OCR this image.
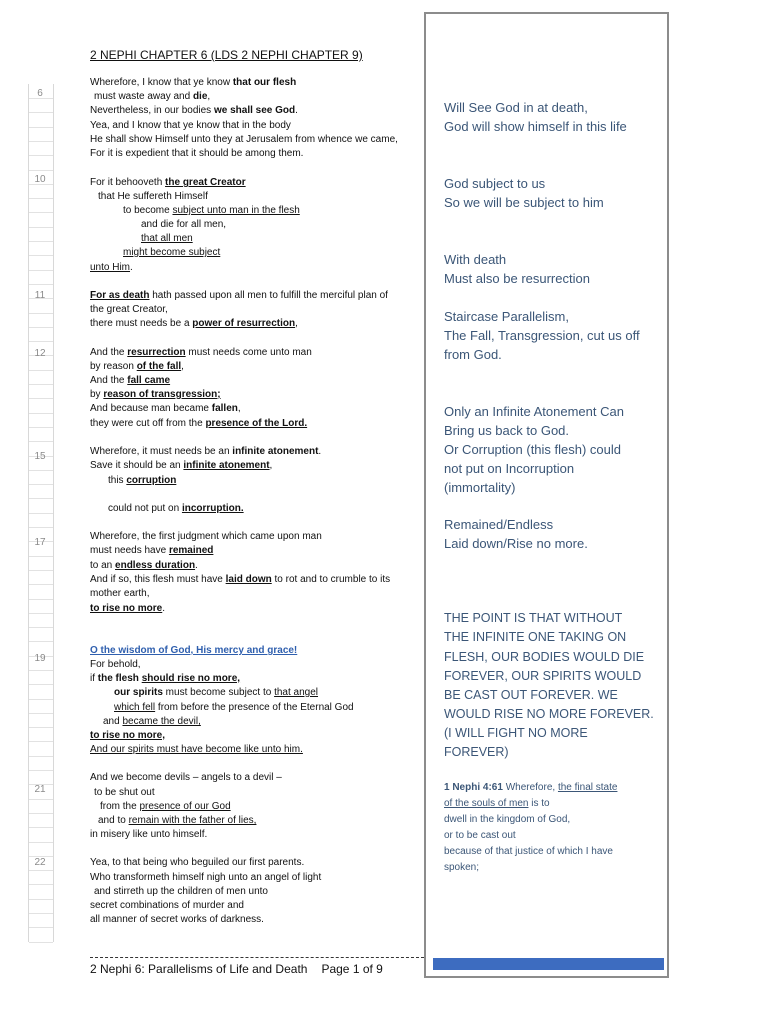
6
10
11
12
15
17
19
21
22
2 NEPHI CHAPTER 6 (LDS 2 NEPHI CHAPTER 9)
Wherefore, I know that ye know that our flesh
must waste away and die,
Nevertheless, in our bodies we shall see God.
Yea, and I know that ye know that in the body
He shall show Himself unto they at Jerusalem from whence we came,
For it is expedient that it should be among them.
For it behooveth the great Creator
that He suffereth Himself
to become subject unto man in the flesh
and die for all men,
that all men
might become subject
unto Him.
For as death hath passed upon all men to fulfill the merciful plan of
the great Creator,
there must needs be a power of resurrection,
And the resurrection must needs come unto man
by reason of the fall,
And the fall came
by reason of transgression;
And because man became fallen,
they were cut off from the presence of the Lord.
Wherefore, it must needs be an infinite atonement.
Save it should be an infinite atonement,
this corruption
could not put on incorruption.
Wherefore, the first judgment which came upon man
must needs have remained
to an endless duration.
And if so, this flesh must have laid down to rot and to crumble to its
mother earth,
to rise no more.
O the wisdom of God, His mercy and grace!
For behold,
if the flesh should rise no more,
our spirits must become subject to that angel
which fell from before the presence of the Eternal God
and became the devil,
to rise no more,
And our spirits must have become like unto him.
And we become devils – angels to a devil –
to be shut out
from the presence of our God
and to remain with the father of lies,
in misery like unto himself.
Yea, to that being who beguiled our first parents.
Who transformeth himself nigh unto an angel of light
and stirreth up the children of men unto
secret combinations of murder and
all manner of secret works of darkness.
Will See God in at death,
God will show himself in this life
God subject to us
So we will be subject to him
With death
Must also be resurrection
Staircase Parallelism,
The Fall, Transgression, cut us off
from God.
Only an Infinite Atonement Can
Bring us back to God.
Or Corruption (this flesh) could
not put on Incorruption
(immortality)
Remained/Endless
Laid down/Rise no more.
THE POINT IS THAT WITHOUT
THE INFINITE ONE TAKING ON
FLESH, OUR BODIES WOULD DIE
FOREVER, OUR SPIRITS WOULD
BE CAST OUT FOREVER. WE
WOULD RISE NO MORE FOREVER.
(I WILL FIGHT NO MORE
FOREVER)
1 Nephi 4:61 Wherefore, the final state
of the souls of men is to
dwell in the kingdom of God,
or to be cast out
because of that justice of which I have
spoken;
2 Nephi 6: Parallelisms of Life and Death Page 1 of 9
